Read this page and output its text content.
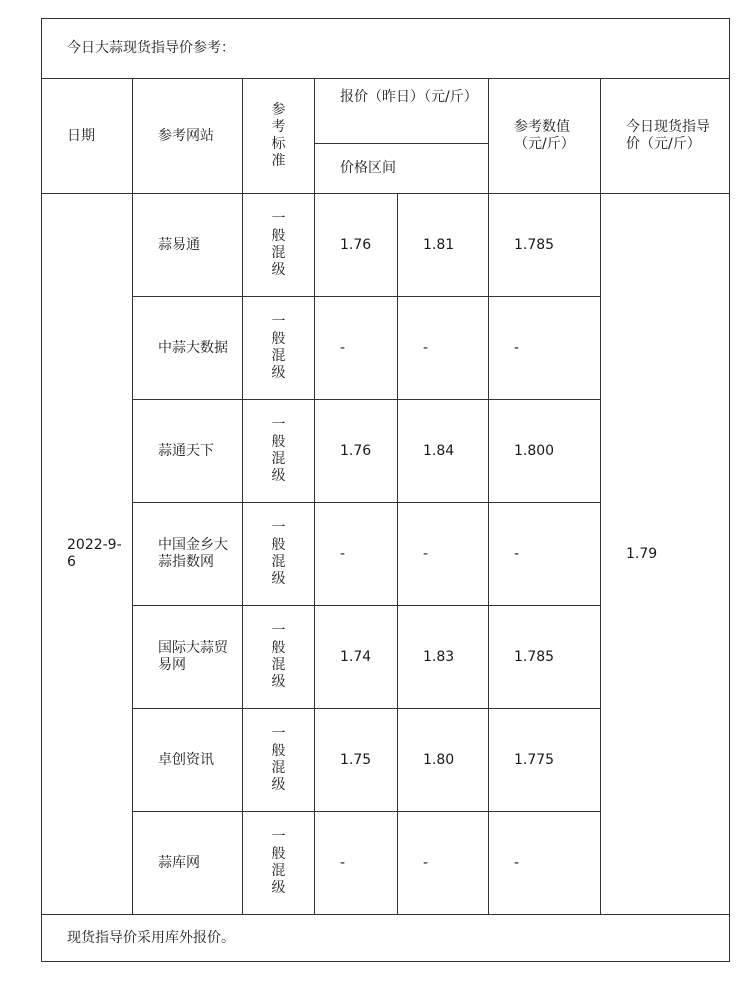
今日大蒜现货指导价参考：						
日期	参考网站	参考标准	报价（昨日）（元/斤）		参考数值（元/斤）	今日现货指导价（元/斤）
			价格区间			
2022-9-6	蒜易通	一般混级	1.76	1.81	1.785	1.79
	中蒜大数据	一般混级	-	-	-	
	蒜通天下	一般混级	1.76	1.84	1.800	
	中国金乡大蒜指数网	一般混级	-	-	-	
	国际大蒜贸易网	一般混级	1.74	1.83	1.785	
	卓创资讯	一般混级	1.75	1.80	1.775	
	蒜库网	一般混级	-	-	-	
现货指导价采用库外报价。						
